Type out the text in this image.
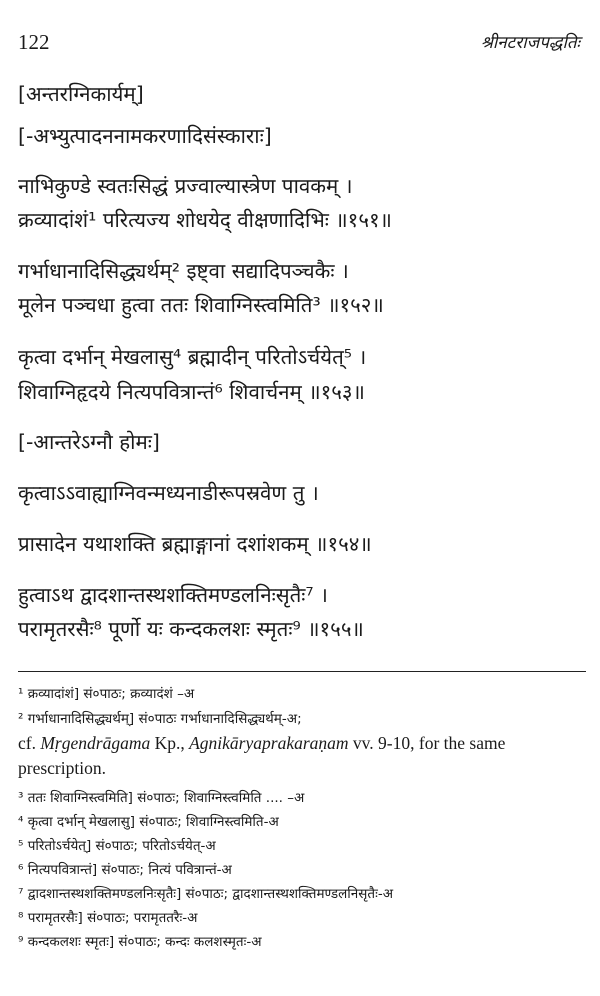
122	श्रीनटराजपद्धतिः
[अन्तरग्निकार्यम्]
[-अभ्युत्पादननामकरणादिसंस्काराः]
नाभिकुण्डे स्वतःसिद्धं प्रज्वाल्यास्त्रेण पावकम् ।
क्रव्यादांशं¹ परित्यज्य शोधयेद् वीक्षणादिभिः ॥१५१॥
गर्भाधानादिसिद्ध्यर्थम्² इष्ट्वा सद्यादिपञ्चकैः ।
मूलेन पञ्चधा हुत्वा ततः शिवाग्निस्त्वमिति³ ॥१५२॥
कृत्वा दर्भान् मेखलासु⁴ ब्रह्मादीन् परितोऽर्चयेत्⁵ ।
शिवाग्निहृदये नित्यपवित्रान्तं⁶ शिवार्चनम् ॥१५३॥
[-आन्तरेऽग्नौ होमः]
कृत्वाऽऽवाह्याग्निवन्मध्यनाडीरूपस्रवेण तु ।
प्रासादेन यथाशक्ति ब्रह्माङ्गानां दशांशकम् ॥१५४॥
हुत्वाऽथ द्वादशान्तस्थशक्तिमण्डलनिःसृतैः⁷ ।
परामृतरसैः⁸ पूर्णो यः कन्दकलशः स्मृतः⁹ ॥१५५॥
¹ क्रव्यादांशं] सं०पाठः; क्रव्यादंशं –अ
² गर्भाधानादिसिद्ध्यर्थम्] सं०पाठः गर्भाधानादिसिद्ध्यर्थम्-अ;
cf. Mṛgendrāgama Kp., Agnikāryaprakaraṇam vv. 9-10, for the same prescription.
³ ततः शिवाग्निस्त्वमिति] सं०पाठः; शिवाग्निस्त्वमिति .... –अ
⁴ कृत्वा दर्भान् मेखलासु] सं०पाठः; शिवाग्निस्त्वमिति-अ
⁵ परितोऽर्चयेत्] सं०पाठः; परितोऽर्चयेत्-अ
⁶ नित्यपवित्रान्तं] सं०पाठः; नित्यं पवित्रान्तं-अ
⁷ द्वादशान्तस्थशक्तिमण्डलनिःसृतैः] सं०पाठः; द्वादशान्तस्थशक्तिमण्डलनिसृतैः-अ
⁸ परामृतरसैः] सं०पाठः; परामृततरैः-अ
⁹ कन्दकलशः स्मृतः] सं०पाठः; कन्दः कलशस्मृतः-अ
